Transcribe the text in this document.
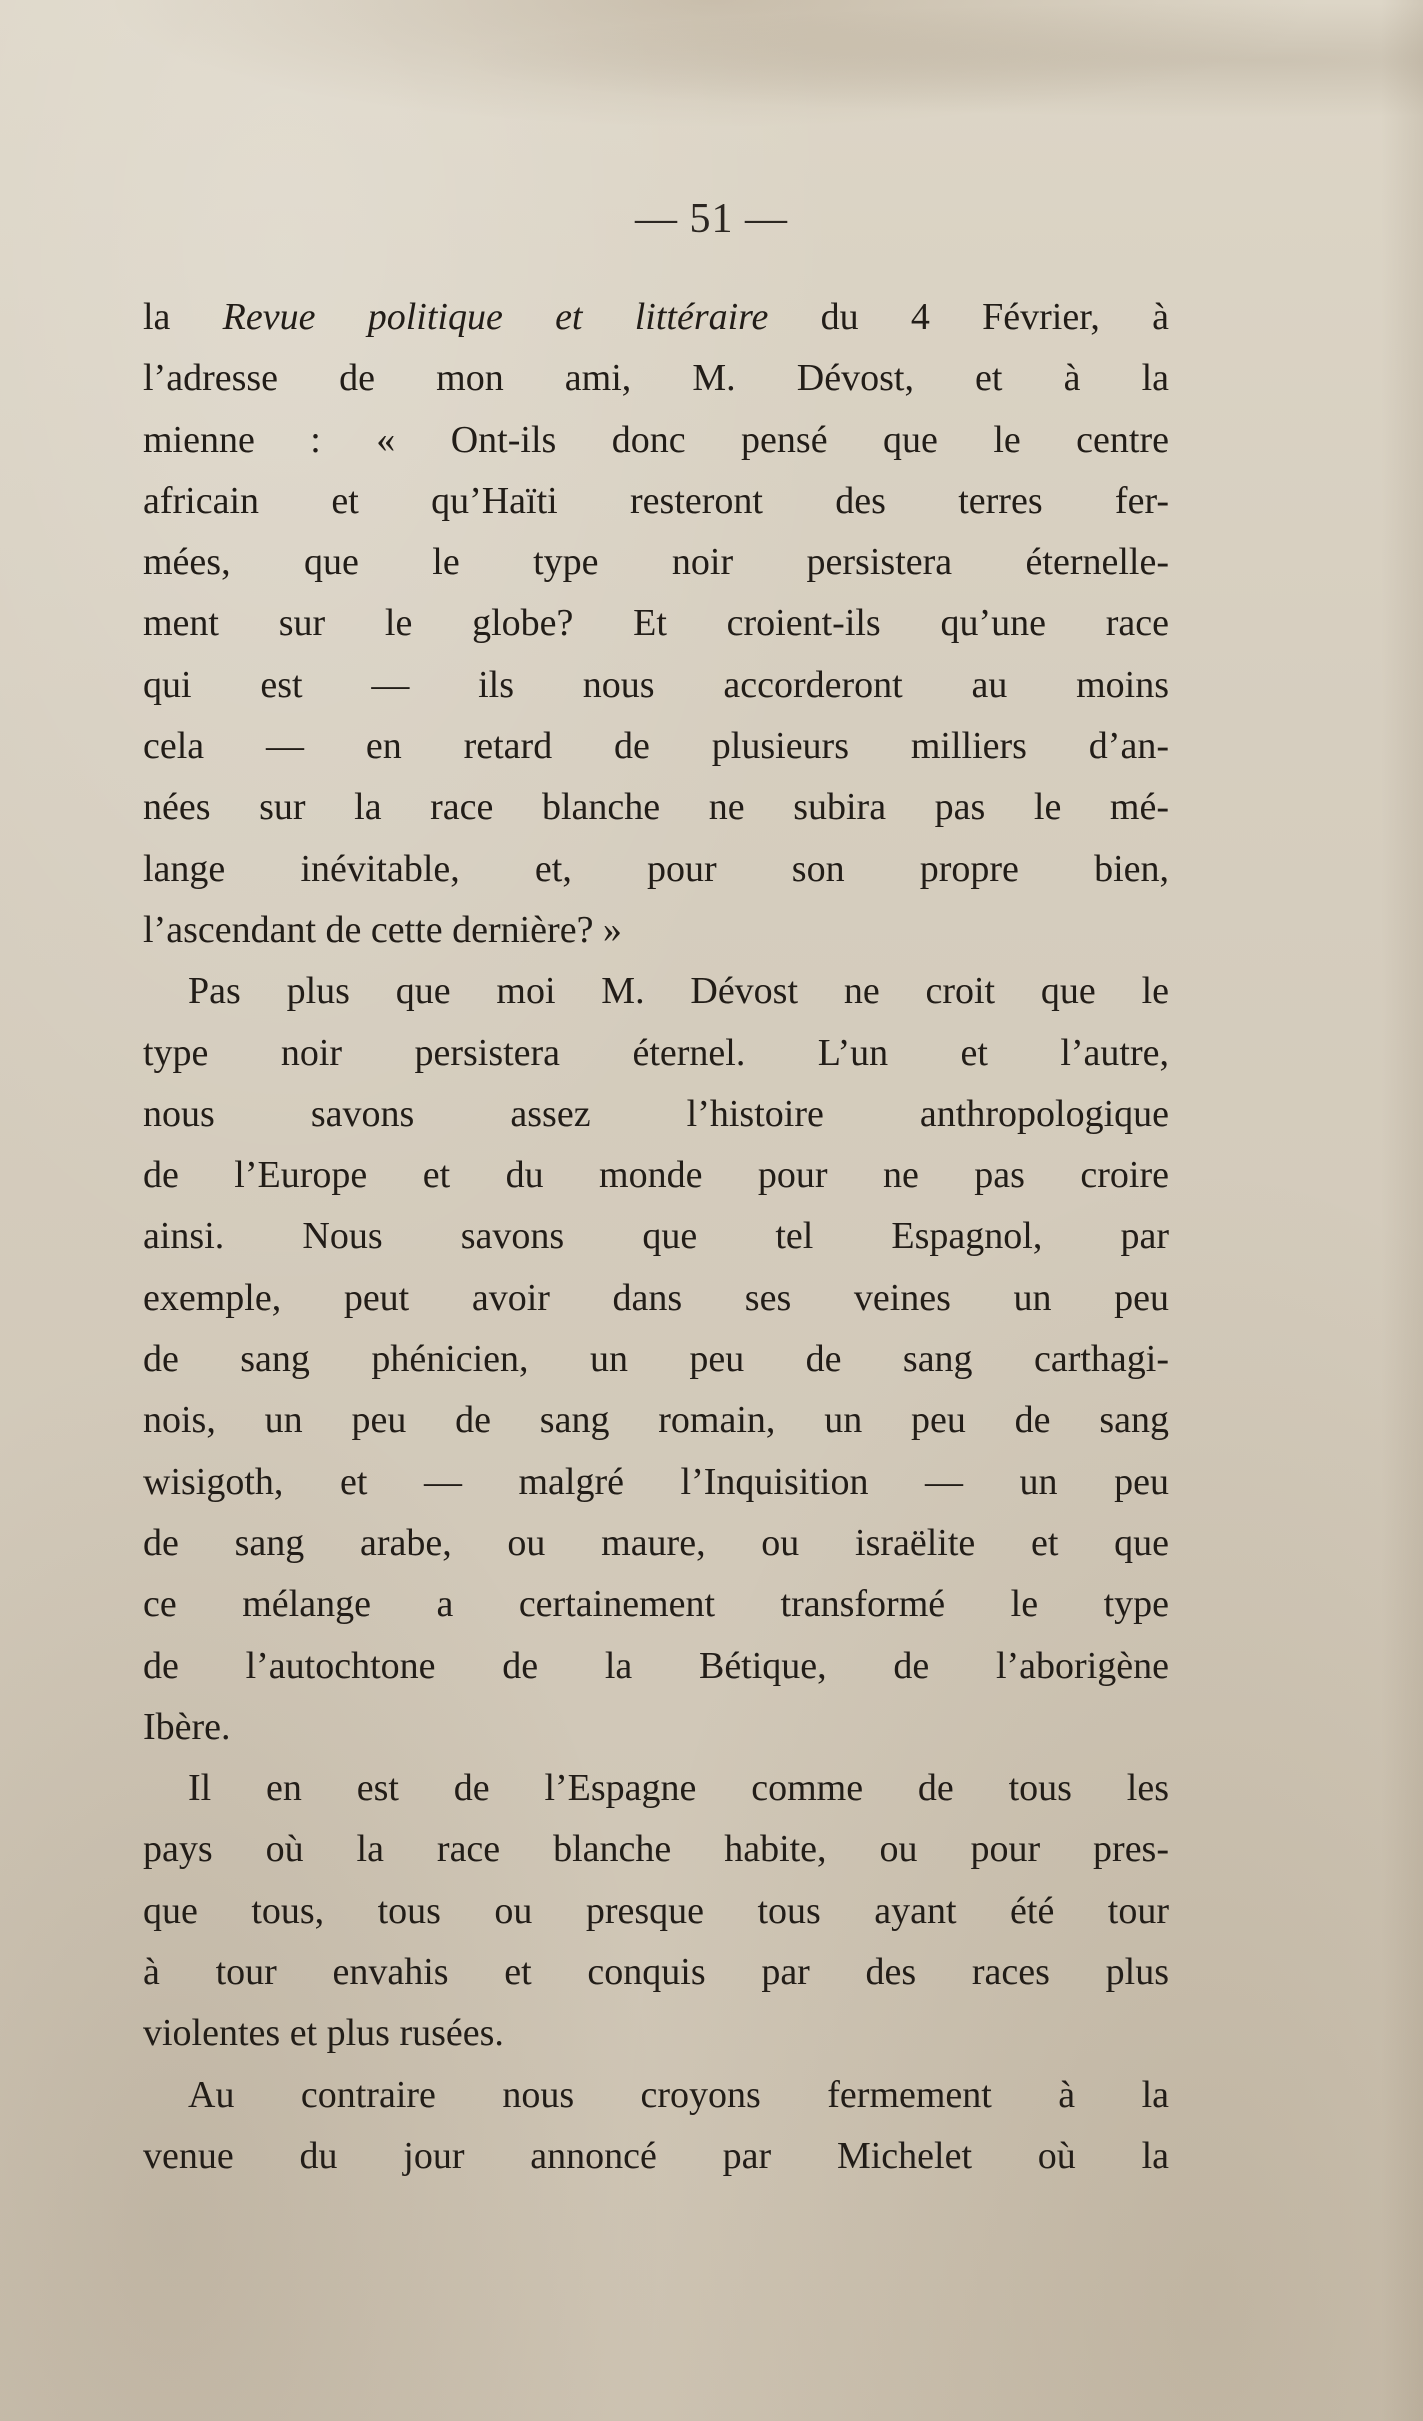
— 51 —
la Revue politique et littéraire du 4 Février, à
l’adresse de mon ami, M. Dévost, et à la
mienne : « Ont-ils donc pensé que le centre
africain et qu’Haïti resteront des terres fer-
mées, que le type noir persistera éternelle-
ment sur le globe? Et croient-ils qu’une race
qui est — ils nous accorderont au moins
cela — en retard de plusieurs milliers d’an-
nées sur la race blanche ne subira pas le mé-
lange inévitable, et, pour son propre bien,
l’ascendant de cette dernière? »
Pas plus que moi M. Dévost ne croit que le
type noir persistera éternel. L’un et l’autre,
nous savons assez l’histoire anthropologique
de l’Europe et du monde pour ne pas croire
ainsi. Nous savons que tel Espagnol, par
exemple, peut avoir dans ses veines un peu
de sang phénicien, un peu de sang carthagi-
nois, un peu de sang romain, un peu de sang
wisigoth, et — malgré l’Inquisition — un peu
de sang arabe, ou maure, ou israëlite et que
ce mélange a certainement transformé le type
de l’autochtone de la Bétique, de l’aborigène
Ibère.
Il en est de l’Espagne comme de tous les
pays où la race blanche habite, ou pour pres-
que tous, tous ou presque tous ayant été tour
à tour envahis et conquis par des races plus
violentes et plus rusées.
Au contraire nous croyons fermement à la
venue du jour annoncé par Michelet où la
